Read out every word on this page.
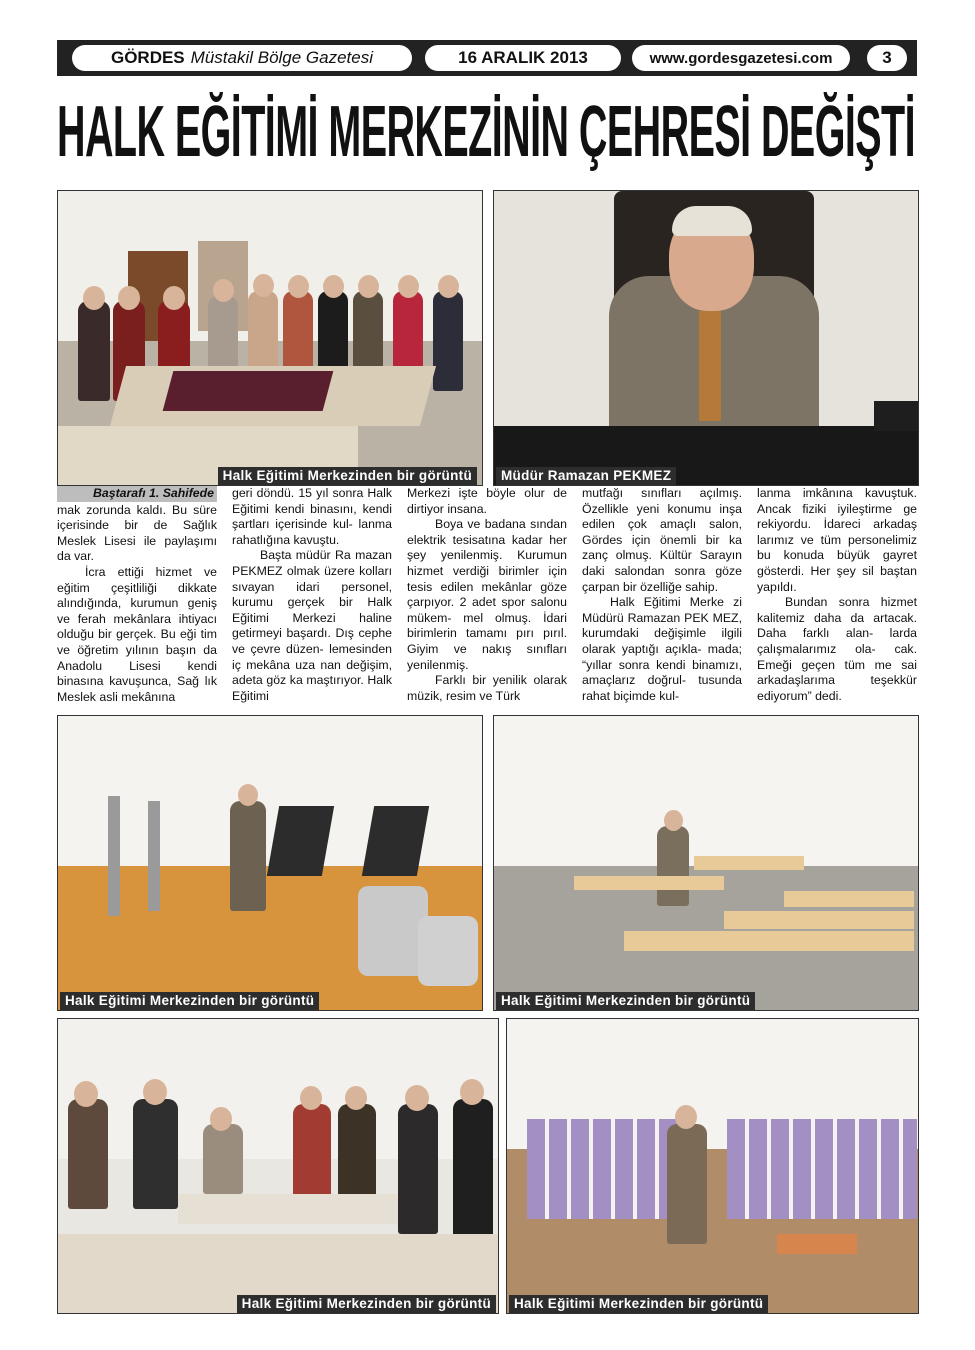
GÖRDES Müstakil Bölge Gazetesi	16 ARALIK 2013	www.gordesgazetesi.com	3
HALK EĞİTİMİ MERKEZİNİN ÇEHRESİ DEĞİŞTİ
Halk Eğitimi Merkezinden bir görüntü	Müdür Ramazan PEKMEZ
Baştarafı 1. Sahifede

mak zorunda kaldı. Bu süre içerisinde bir de Sağlık Meslek Lisesi ile paylaşımı da var.

İcra ettiği hizmet ve eğitim çeşitliliği dikkate alındığında, kurumun geniş ve ferah mekânlara ihtiyacı olduğu bir gerçek. Bu eği tim ve öğretim yılının başın da Anadolu Lisesi kendi binasına kavuşunca, Sağ lık Meslek asli mekânına

geri döndü. 15 yıl sonra Halk Eğitimi kendi binasını, kendi şartları içerisinde kul- lanma rahatlığına kavuştu.

Başta müdür Ra mazan PEKMEZ olmak üzere kolları sıvayan idari personel, kurumu gerçek bir Halk Eğitimi Merkezi haline getirmeyi başardı. Dış cephe ve çevre düzen- lemesinden iç mekâna uza nan değişim, adeta göz ka maştırıyor. Halk Eğitimi

Merkezi işte böyle olur de dirtiyor insana.

Boya ve badana sından elektrik tesisatına kadar her şey yenilenmiş. Kurumun hizmet verdiği birimler için tesis edilen mekânlar göze çarpıyor. 2 adet spor salonu mükem- mel olmuş. İdari birimlerin tamamı pırı pırıl. Giyim ve nakış sınıfları yenilenmiş.

Farklı bir yenilik olarak müzik, resim ve Türk

mutfağı sınıfları açılmış. Özellikle yeni konumu inşa edilen çok amaçlı salon, Gördes için önemli bir ka zanç olmuş. Kültür Sarayın daki salondan sonra göze çarpan bir özelliğe sahip.

Halk Eğitimi Merke zi Müdürü Ramazan PEK MEZ, kurumdaki değişimle ilgili olarak yaptığı açıkla- mada; “yıllar sonra kendi binamızı, amaçlarız doğrul- tusunda rahat biçimde kul-

lanma imkânına kavuştuk. Ancak fiziki iyileştirme ge rekiyordu. İdareci arkadaş larımız ve tüm personelimiz bu konuda büyük gayret gösterdi. Her şey sil baştan yapıldı.

Bundan sonra hizmet kalitemiz daha da artacak. Daha farklı alan- larda çalışmalarımız ola- cak. Emeği geçen tüm me sai arkadaşlarıma teşekkür ediyorum” dedi.

Halk Eğitimi Merkezinden bir görüntü	Halk Eğitimi Merkezinden bir görüntü
Halk Eğitimi Merkezinden bir görüntü	Halk Eğitimi Merkezinden bir görüntü
